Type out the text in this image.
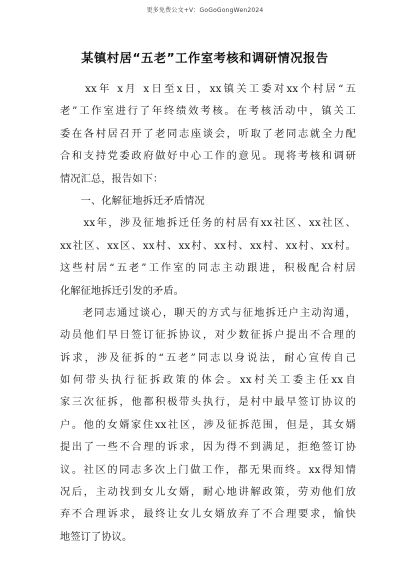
更多免费公文+V：GoGoGongWen2024
某镇村居“五老”工作室考核和调研情况报告
　　xx年 x月 x日至x日，xx镇关工委对xx个村居“五
老”工作室进行了年终绩效考核。在考核活动中，镇关工
委在各村居召开了老同志座谈会，听取了老同志就全力配
合和支持党委政府做好中心工作的意见。现将考核和调研
情况汇总，报告如下：
　　一、化解征地拆迁矛盾情况
　　xx年，涉及征地拆迁任务的村居有xx社区、xx社区、
xx社区、xx区、xx村、xx村、xx村、xx村、xx村、xx村。
这些村居“五老”工作室的同志主动跟进，积极配合村居
化解征地拆迁引发的矛盾。
　　老同志通过谈心，聊天的方式与征地拆迁户主动沟通，
动员他们早日签订征拆协议，对少数征拆户提出不合理的
诉求，涉及征拆的“五老”同志以身说法，耐心宣传自己
如何带头执行征拆政策的体会。xx村关工委主任xx自
家三次征拆，他都积极带头执行，是村中最早签订协议的
户。他的女婿家住xx社区，涉及征拆范围，但是，其女婿
提出了一些不合理的诉求，因为得不到满足，拒绝签订协
议。社区的同志多次上门做工作，都无果而终。xx得知情
况后，主动找到女儿女婿，耐心地讲解政策，劳劝他们放
弃不合理诉求，最终让女儿女婿放弃了不合理要求，愉快
地签订了协议。
